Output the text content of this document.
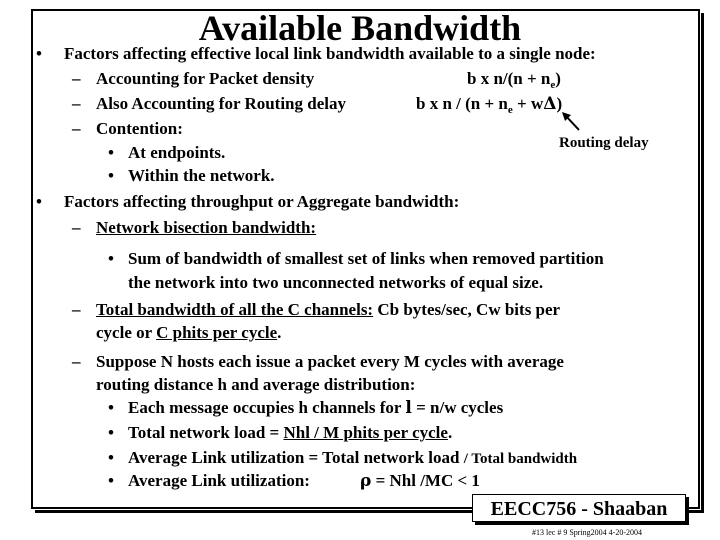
Available Bandwidth
• Factors affecting effective local link bandwidth available to a single node:
– Accounting for Packet density	b x $n/(n + n_e)$
– Also Accounting for Routing delay	b x $n / (n + n_e + w\Delta)$
– Contention:
Routing delay
• At endpoints.
• Within the network.
• Factors affecting throughput or Aggregate bandwidth:
– Network bisection bandwidth:
• Sum of bandwidth of smallest set of links when removed partition
the network into two unconnected networks of equal size.
– Total bandwidth of all the C channels: Cb bytes/sec, Cw bits per
cycle or C phits per cycle.
– Suppose N hosts each issue a packet every M cycles with average
routing distance h and average distribution:
• Each message occupies h channels for l = n/w cycles
• Total network load = Nhl / M phits per cycle.
• Average Link utilization = Total network load / Total bandwidth
• Average Link utilization:	ρ = Nhl /MC < 1
EECC756 - Shaaban
#13 lec # 9 Spring2004 4-20-2004
